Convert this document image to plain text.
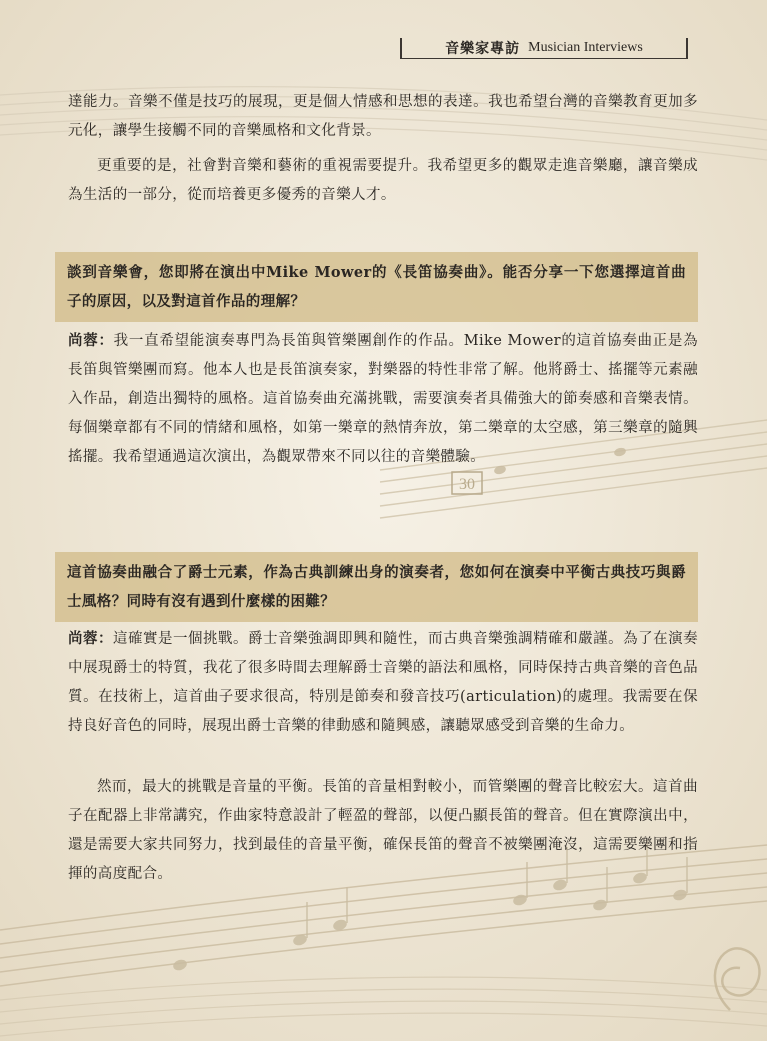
音樂家專訪 Musician Interviews

達能力。音樂不僅是技巧的展現，更是個人情感和思想的表達。我也希望台灣的音樂教育更加多元化，讓學生接觸不同的音樂風格和文化背景。

更重要的是，社會對音樂和藝術的重視需要提升。我希望更多的觀眾走進音樂廳，讓音樂成為生活的一部分，從而培養更多優秀的音樂人才。

談到音樂會，您即將在演出中Mike Mower的《長笛協奏曲》。能否分享一下您選擇這首曲子的原因，以及對這首作品的理解？

尚蓉：我一直希望能演奏專門為長笛與管樂團創作的作品。Mike Mower的這首協奏曲正是為長笛與管樂團而寫。他本人也是長笛演奏家，對樂器的特性非常了解。他將爵士、搖擺等元素融入作品，創造出獨特的風格。這首協奏曲充滿挑戰，需要演奏者具備強大的節奏感和音樂表情。每個樂章都有不同的情緒和風格，如第一樂章的熱情奔放，第二樂章的太空感，第三樂章的隨興搖擺。我希望通過這次演出，為觀眾帶來不同以往的音樂體驗。

30
這首協奏曲融合了爵士元素，作為古典訓練出身的演奏者，您如何在演奏中平衡古典技巧與爵士風格？同時有沒有遇到什麼樣的困難？

尚蓉：這確實是一個挑戰。爵士音樂強調即興和隨性，而古典音樂強調精確和嚴謹。為了在演奏中展現爵士的特質，我花了很多時間去理解爵士音樂的語法和風格，同時保持古典音樂的音色品質。在技術上，這首曲子要求很高，特別是節奏和發音技巧(articulation)的處理。我需要在保持良好音色的同時，展現出爵士音樂的律動感和隨興感，讓聽眾感受到音樂的生命力。

然而，最大的挑戰是音量的平衡。長笛的音量相對較小，而管樂團的聲音比較宏大。這首曲子在配器上非常講究，作曲家特意設計了輕盈的聲部，以便凸顯長笛的聲音。但在實際演出中，還是需要大家共同努力，找到最佳的音量平衡，確保長笛的聲音不被樂團淹沒，這需要樂團和指揮的高度配合。
